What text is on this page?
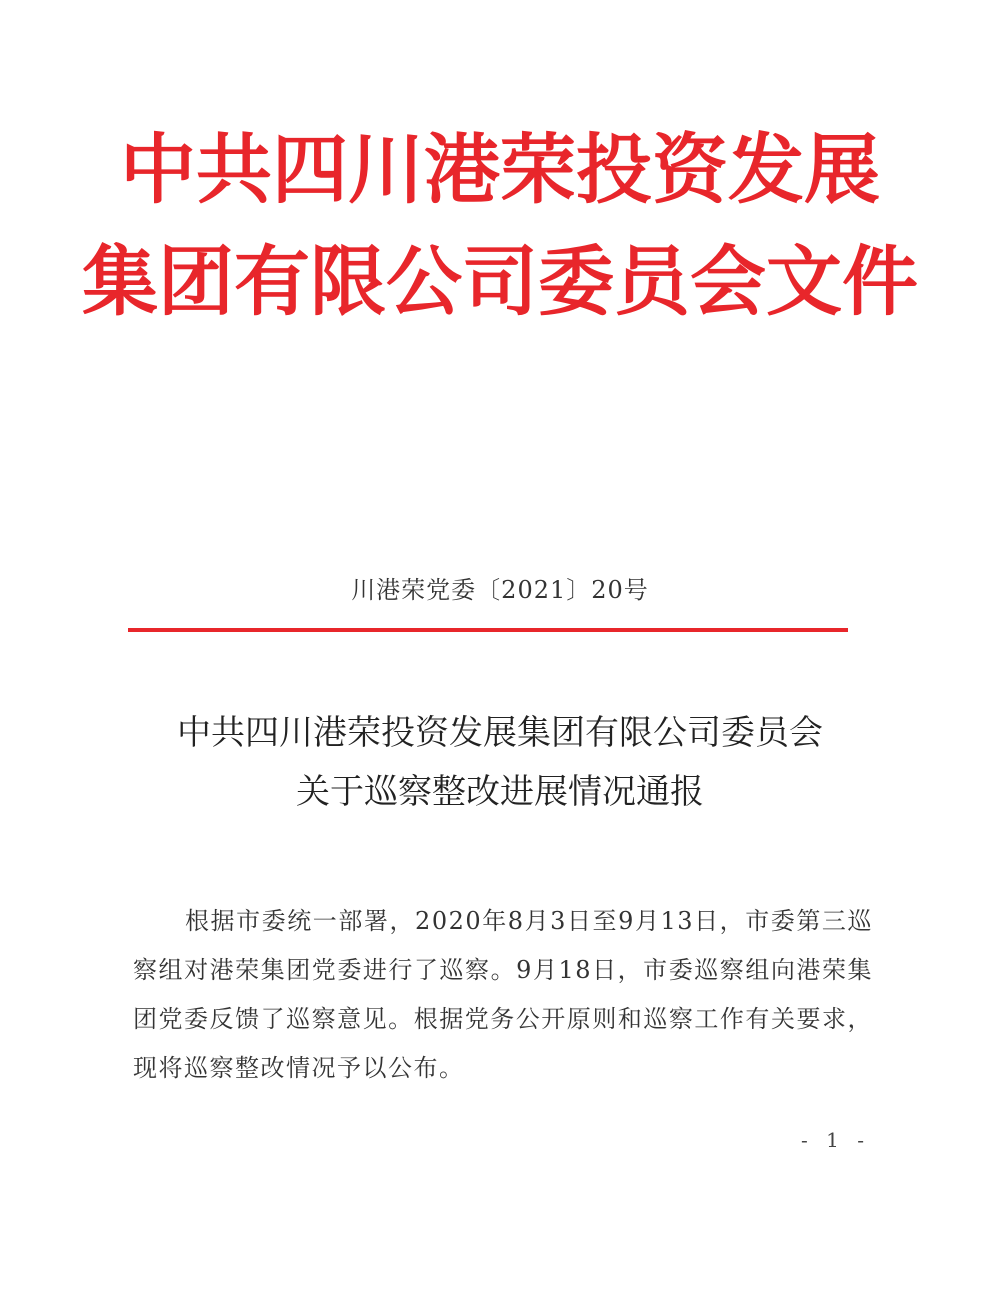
中共四川港荣投资发展
集团有限公司委员会文件
川港荣党委〔2021〕20号
中共四川港荣投资发展集团有限公司委员会
关于巡察整改进展情况通报
根据市委统一部署，2020年8月3日至9月13日，市委第三巡察组对港荣集团党委进行了巡察。9月18日，市委巡察组向港荣集团党委反馈了巡察意见。根据党务公开原则和巡察工作有关要求，现将巡察整改情况予以公布。
- 1 -
